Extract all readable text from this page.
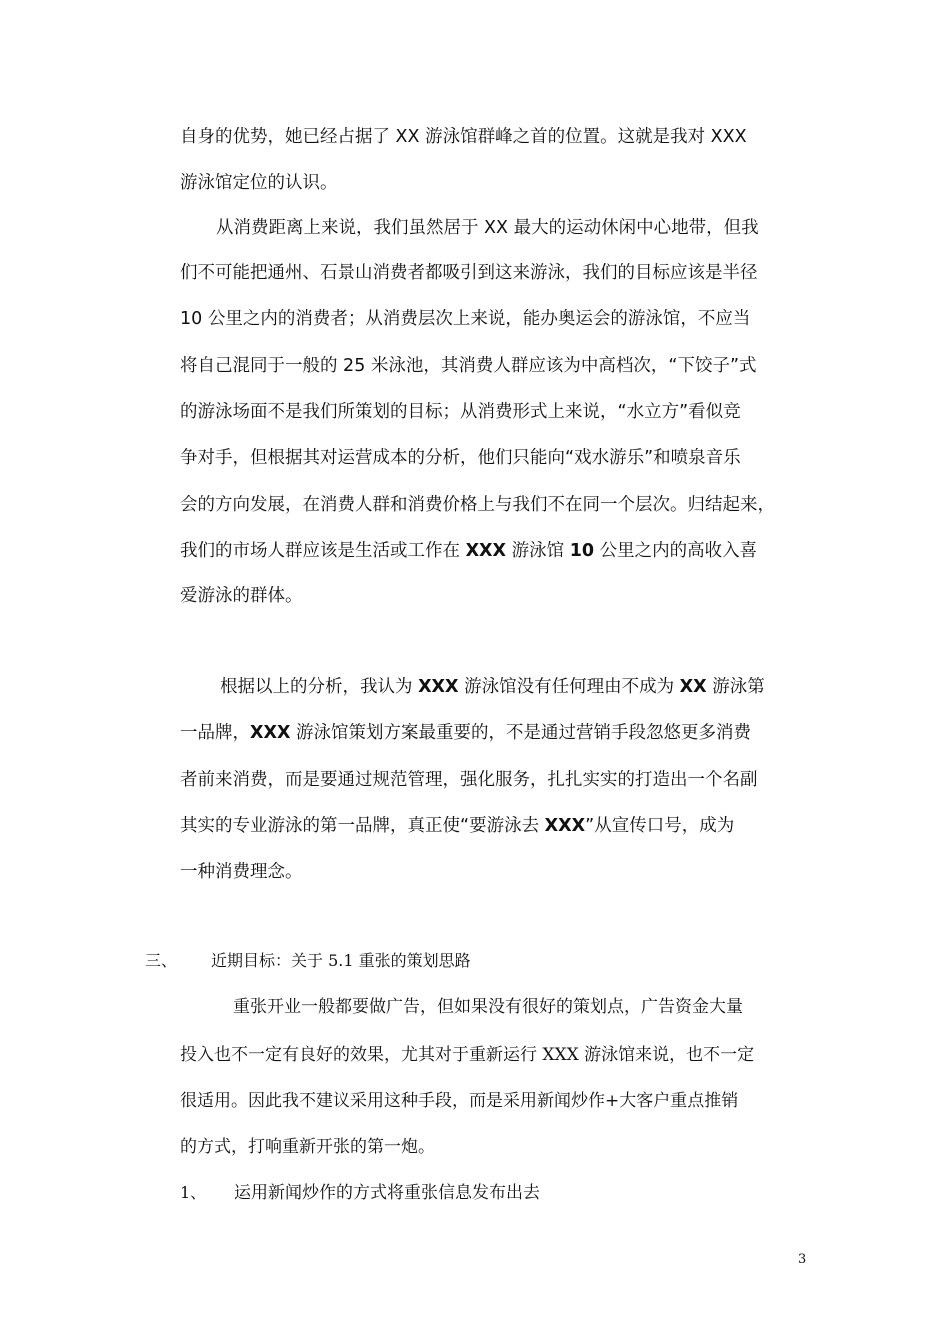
自身的优势，她已经占据了 XX 游泳馆群峰之首的位置。这就是我对 XXX
游泳馆定位的认识。
从消费距离上来说，我们虽然居于 XX 最大的运动休闲中心地带，但我
们不可能把通州、石景山消费者都吸引到这来游泳，我们的目标应该是半径
10 公里之内的消费者；从消费层次上来说，能办奥运会的游泳馆，不应当
将自己混同于一般的 25 米泳池，其消费人群应该为中高档次，“下饺子”式
的游泳场面不是我们所策划的目标；从消费形式上来说，“水立方”看似竞
争对手，但根据其对运营成本的分析，他们只能向“戏水游乐”和喷泉音乐
会的方向发展，在消费人群和消费价格上与我们不在同一个层次。归结起来，
我们的市场人群应该是生活或工作在 XXX 游泳馆 10 公里之内的高收入喜
爱游泳的群体。
根据以上的分析，我认为 XXX 游泳馆没有任何理由不成为 XX 游泳第
一品牌，XXX 游泳馆策划方案最重要的，不是通过营销手段忽悠更多消费
者前来消费，而是要通过规范管理，强化服务，扎扎实实的打造出一个名副
其实的专业游泳的第一品牌，真正使“要游泳去 XXX”从宣传口号，成为
一种消费理念。
三、 近期目标：关于 5.1 重张的策划思路
重张开业一般都要做广告，但如果没有很好的策划点，广告资金大量
投入也不一定有良好的效果，尤其对于重新运行 XXX 游泳馆来说，也不一定
很适用。因此我不建议采用这种手段，而是采用新闻炒作+大客户重点推销
的方式，打响重新开张的第一炮。
1、 运用新闻炒作的方式将重张信息发布出去
3
